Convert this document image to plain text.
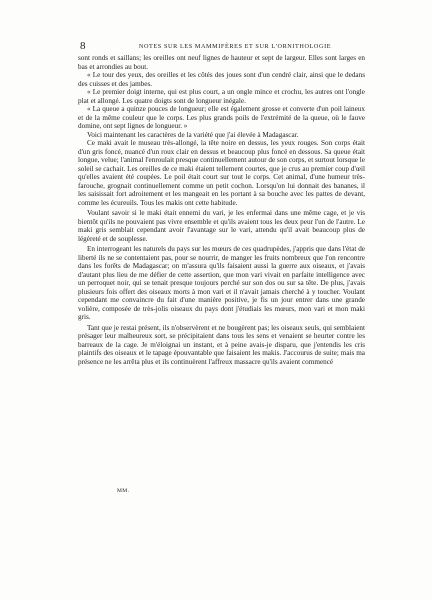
8	NOTES SUR LES MAMMIFÈRES ET SUR L'ORNITHOLOGIE

sont ronds et saillans; les oreilles ont neuf lignes de hauteur et sept de largeur. Elles sont larges en bas et arrondies au bout.

« Le tour des yeux, des oreilles et les côtés des joues sont d'un cendré clair, ainsi que le dedans des cuisses et des jambes.

« Le premier doigt interne, qui est plus court, a un ongle mince et crochu, les autres ont l'ongle plat et allongé. Les quatre doigts sont de longueur inégale.

« La queue a quinze pouces de longueur; elle est également grosse et converte d'un poil laineux et de la même couleur que le corps. Les plus grands poils de l'extrémité de la queue, où le fauve domine, ont sept lignes de longueur. »

Voici maintenant les caractères de la variété que j'ai élevée à Madagascar.

Ce maki avait le museau très-allongé, la tête noire en dessus, les yeux rouges. Son corps était d'un gris foncé, nuancé d'un roux clair en dessus et beaucoup plus foncé en dessous. Sa queue était longue, velue; l'animal l'enroulait presque continuellement autour de son corps, et surtout lorsque le soleil se cachait. Les oreilles de ce maki étaient tellement courtes, que je crus au premier coup d'œil qu'elles avaient été coupées. Le poil était court sur tout le corps. Cet animal, d'une humeur très-farouche, grognait continuellement comme un petit cochon. Lorsqu'on lui donnait des bananes, il les saisissait fort adroitement et les mangeait en les portant à sa bouche avec les pattes de devant, comme les écureuils. Tous les makis ont cette habitude.

Voulant savoir si le maki était ennemi du vari, je les enfermai dans une même cage, et je vis bientôt qu'ils ne pouvaient pas vivre ensemble et qu'ils avaient tous les deux peur l'un de l'autre. Le maki gris semblait cependant avoir l'avantage sur le vari, attendu qu'il avait beaucoup plus de légèreté et de souplesse.

En interrogeant les naturels du pays sur les mœurs de ces quadrupèdes, j'appris que dans l'état de liberté ils ne se contentaient pas, pour se nourrir, de manger les fruits nombreux que l'on rencontre dans les forêts de Madagascar; on m'assura qu'ils faisaient aussi la guerre aux oiseaux, et j'avais d'autant plus lieu de me défier de cette assertion, que mon vari vivait en parfaite intelligence avec un perroquet noir, qui se tenait presque toujours perché sur son dos ou sur sa tête. De plus, j'avais plusieurs fois offert des oiseaux morts à mon vari et il n'avait jamais cherché à y toucher. Voulant cependant me convaincre du fait d'une manière positive, je fis un jour entrer dans une grande volière, composée de très-jolis oiseaux du pays dont j'étudiais les mœurs, mon vari et mon maki gris.

Tant que je restai présent, ils n'observèrent et ne bougèrent pas; les oiseaux seuls, qui semblaient présager leur malheureux sort, se précipitaient dans tous les sens et venaient se heurter contre les barreaux de la cage. Je m'éloignai un instant, et à peine avais-je disparu, que j'entendis les cris plaintifs des oiseaux et le tapage épouvantable que faisaient les makis. J'accourus de suite; mais ma présence ne les arrêta plus et ils continuèrent l'affreux massacre qu'ils avaient commencé

MM.
